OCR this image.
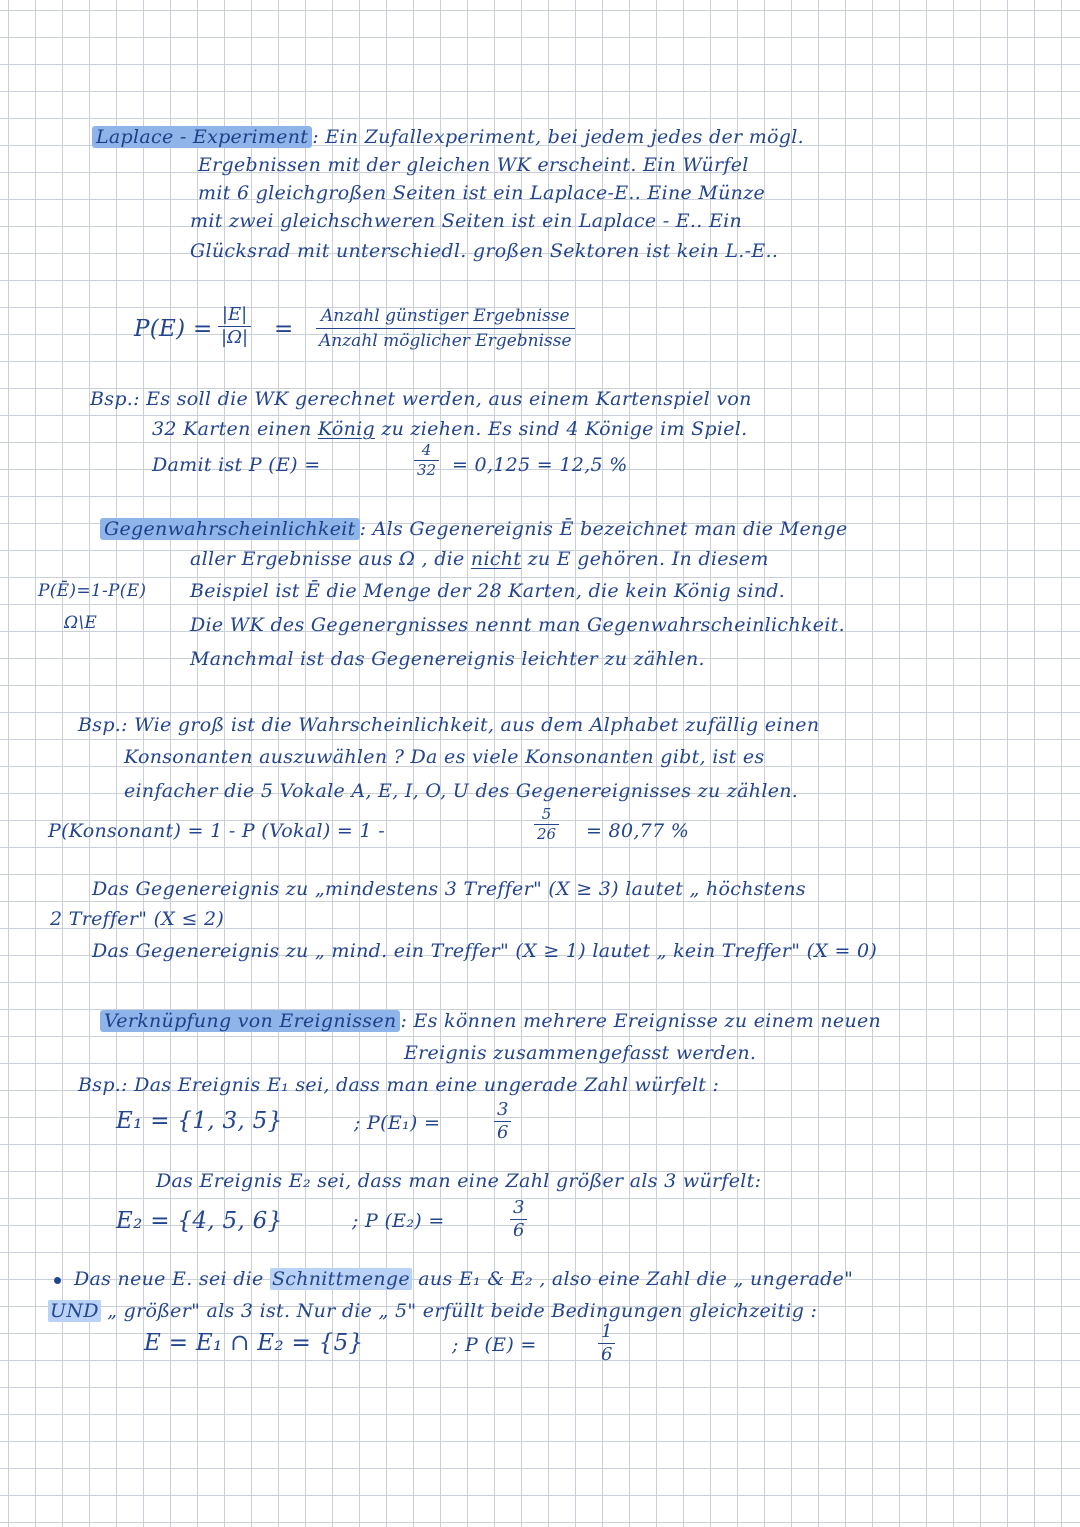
Laplace - Experiment : Ein Zufallexperiment, bei jedem jedes der mögl.
Ergebnissen mit der gleichen WK erscheint. Ein Würfel
mit 6 gleichgroßen Seiten ist ein Laplace-E.. Eine Münze
mit zwei gleichschweren Seiten ist ein Laplace - E.. Ein
Glücksrad mit unterschiedl. großen Sektoren ist kein L.-E..
P(E) =
|E|
|Ω| = Anzahl günstiger Ergebnisse
Anzahl möglicher Ergebnisse
Bsp.: Es soll die WK gerechnet werden, aus einem Kartenspiel von
32 Karten einen König zu ziehen. Es sind 4 Könige im Spiel.
Damit ist P (E) =
4
32 = 0,125 = 12,5 %
Gegenwahrscheinlichkeit : Als Gegenereignis Ē bezeichnet man die Menge
aller Ergebnisse aus Ω , die nicht zu E gehören. In diesem
P(Ē)=1-P(E) Beispiel ist Ē die Menge der 28 Karten, die kein König sind.
Ω\E	Die WK des Gegenergnisses nennt man Gegenwahrscheinlichkeit.
Manchmal ist das Gegenereignis leichter zu zählen.
Bsp.: Wie groß ist die Wahrscheinlichkeit, aus dem Alphabet zufällig einen
Konsonanten auszuwählen ? Da es viele Konsonanten gibt, ist es
einfacher die 5 Vokale A, E, I, O, U des Gegenereignisses zu zählen.
P(Konsonant) = 1 - P (Vokal) = 1 -
5
26 = 80,77 %
Das Gegenereignis zu „mindestens 3 Treffer" (X ≥ 3) lautet „ höchstens
2 Treffer" (X ≤ 2)
Das Gegenereignis zu „ mind. ein Treffer" (X ≥ 1) lautet „ kein Treffer" (X = 0)
Verknüpfung von Ereignissen : Es können mehrere Ereignisse zu einem neuen
Ereignis zusammengefasst werden.
Bsp.: Das Ereignis E₁ sei, dass man eine ungerade Zahl würfelt :
E₁ = {1, 3, 5}	; P(E₁) =
3
6
Das Ereignis E₂ sei, dass man eine Zahl größer als 3 würfelt:
E₂ = {4, 5, 6}	; P (E₂) =
3
6
Das neue E. sei die Schnittmenge aus E₁ & E₂ , also eine Zahl die „ ungerade"
UND „ größer" als 3 ist. Nur die „ 5" erfüllt beide Bedingungen gleichzeitig :
E = E₁ ∩ E₂ = {5}	; P (E) =
1
6
